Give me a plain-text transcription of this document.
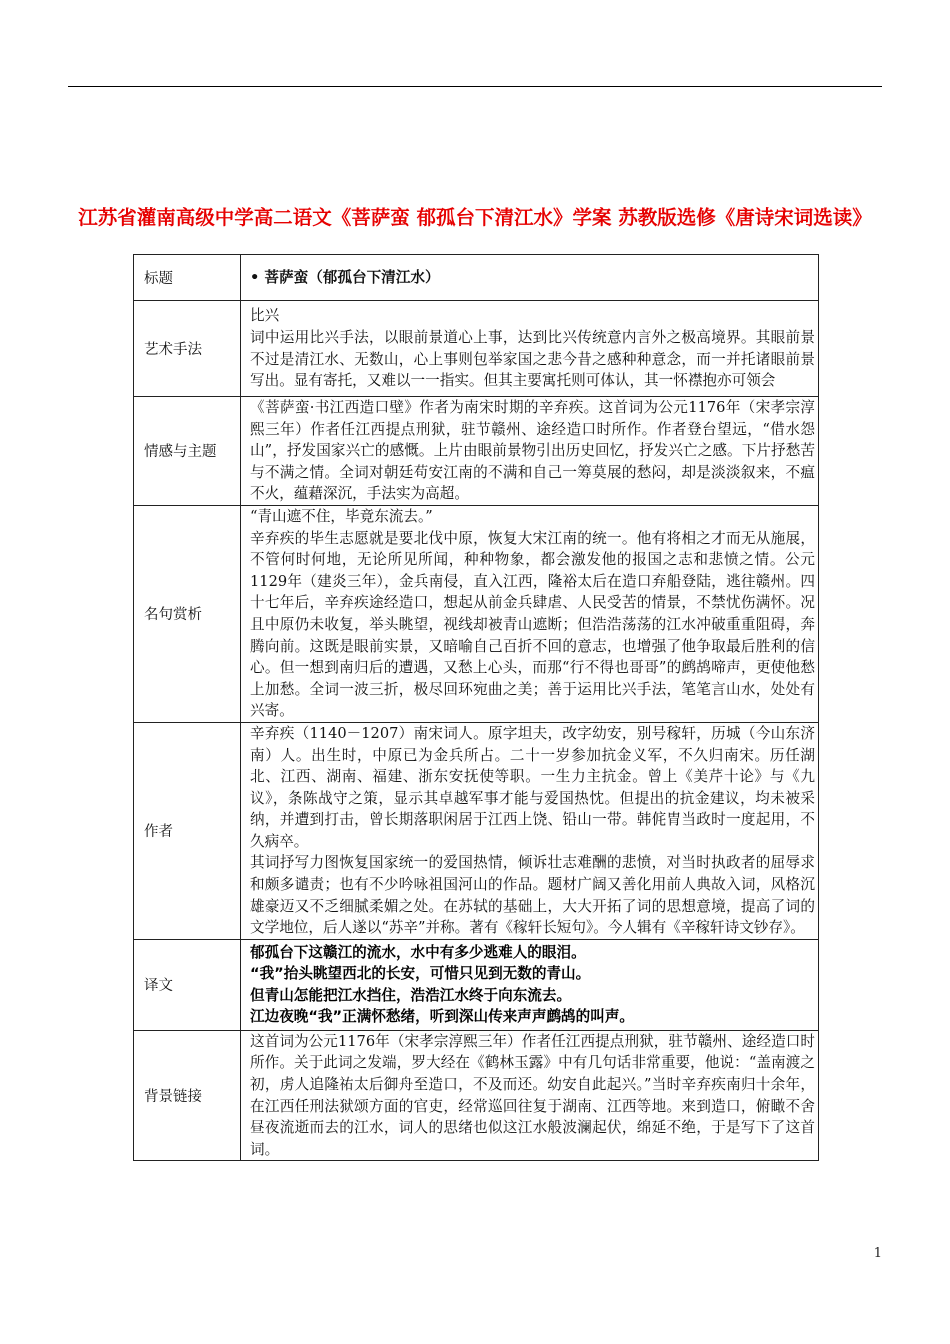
江苏省灌南高级中学高二语文《菩萨蛮 郁孤台下清江水》学案 苏教版选修《唐诗宋词选读》
标题	• 菩萨蛮（郁孤台下清江水）
艺术手法	比兴

词中运用比兴手法，以眼前景道心上事，达到比兴传统意内言外之极高境界。其眼前景不过是清江水、无数山，心上事则包举家国之悲今昔之感种种意念，而一并托诸眼前景写出。显有寄托，又难以一一指实。但其主要寓托则可体认，其一怀襟抱亦可领会

情感与主题	《菩萨蛮·书江西造口壁》作者为南宋时期的辛弃疾。这首词为公元1176年（宋孝宗淳熙三年）作者任江西提点刑狱，驻节赣州、途经造口时所作。作者登台望远，“借水怨山”，抒发国家兴亡的感慨。上片由眼前景物引出历史回忆，抒发兴亡之感。下片抒愁苦与不满之情。全词对朝廷苟安江南的不满和自己一筹莫展的愁闷，却是淡淡叙来，不瘟不火，蕴藉深沉，手法实为高超。

名句赏析	“青山遮不住，毕竟东流去。”

辛弃疾的毕生志愿就是要北伐中原，恢复大宋江南的统一。他有将相之才而无从施展，不管何时何地，无论所见所闻，种种物象，都会激发他的报国之志和悲愤之情。公元1129年（建炎三年），金兵南侵，直入江西，隆裕太后在造口弃船登陆，逃往赣州。四十七年后，辛弃疾途经造口，想起从前金兵肆虐、人民受苦的情景，不禁忧伤满怀。况且中原仍未收复，举头眺望，视线却被青山遮断；但浩浩荡荡的江水冲破重重阻碍，奔腾向前。这既是眼前实景，又暗喻自己百折不回的意志，也增强了他争取最后胜利的信心。但一想到南归后的遭遇，又愁上心头，而那“行不得也哥哥”的鹧鸪啼声，更使他愁上加愁。全词一波三折，极尽回环宛曲之美；善于运用比兴手法，笔笔言山水，处处有兴寄。

作者	辛弃疾（1140－1207）南宋词人。原字坦夫，改字幼安，别号稼轩，历城（今山东济南）人。出生时，中原已为金兵所占。二十一岁参加抗金义军，不久归南宋。历任湖北、江西、湖南、福建、浙东安抚使等职。一生力主抗金。曾上《美芹十论》与《九议》，条陈战守之策，显示其卓越军事才能与爱国热忱。但提出的抗金建议，均未被采纳，并遭到打击，曾长期落职闲居于江西上饶、铅山一带。韩侂胄当政时一度起用，不久病卒。

其词抒写力图恢复国家统一的爱国热情，倾诉壮志难酬的悲愤，对当时执政者的屈辱求和颇多谴责；也有不少吟咏祖国河山的作品。题材广阔又善化用前人典故入词，风格沉雄豪迈又不乏细腻柔媚之处。在苏轼的基础上，大大开拓了词的思想意境，提高了词的文学地位，后人遂以“苏辛”并称。著有《稼轩长短句》。今人辑有《辛稼轩诗文钞存》。

译文	郁孤台下这赣江的流水，水中有多少逃难人的眼泪。

“我”抬头眺望西北的长安，可惜只见到无数的青山。

但青山怎能把江水挡住，浩浩江水终于向东流去。

江边夜晚“我”正满怀愁绪，听到深山传来声声鹧鸪的叫声。

背景链接	这首词为公元1176年（宋孝宗淳熙三年）作者任江西提点刑狱，驻节赣州、途经造口时所作。关于此词之发端，罗大经在《鹤林玉露》中有几句话非常重要，他说：“盖南渡之初，虏人追隆祐太后御舟至造口，不及而还。幼安自此起兴。”当时辛弃疾南归十余年，在江西任刑法狱颂方面的官吏，经常巡回往复于湖南、江西等地。来到造口，俯瞰不舍昼夜流逝而去的江水，词人的思绪也似这江水般波澜起伏，绵延不绝，于是写下了这首词。

1
